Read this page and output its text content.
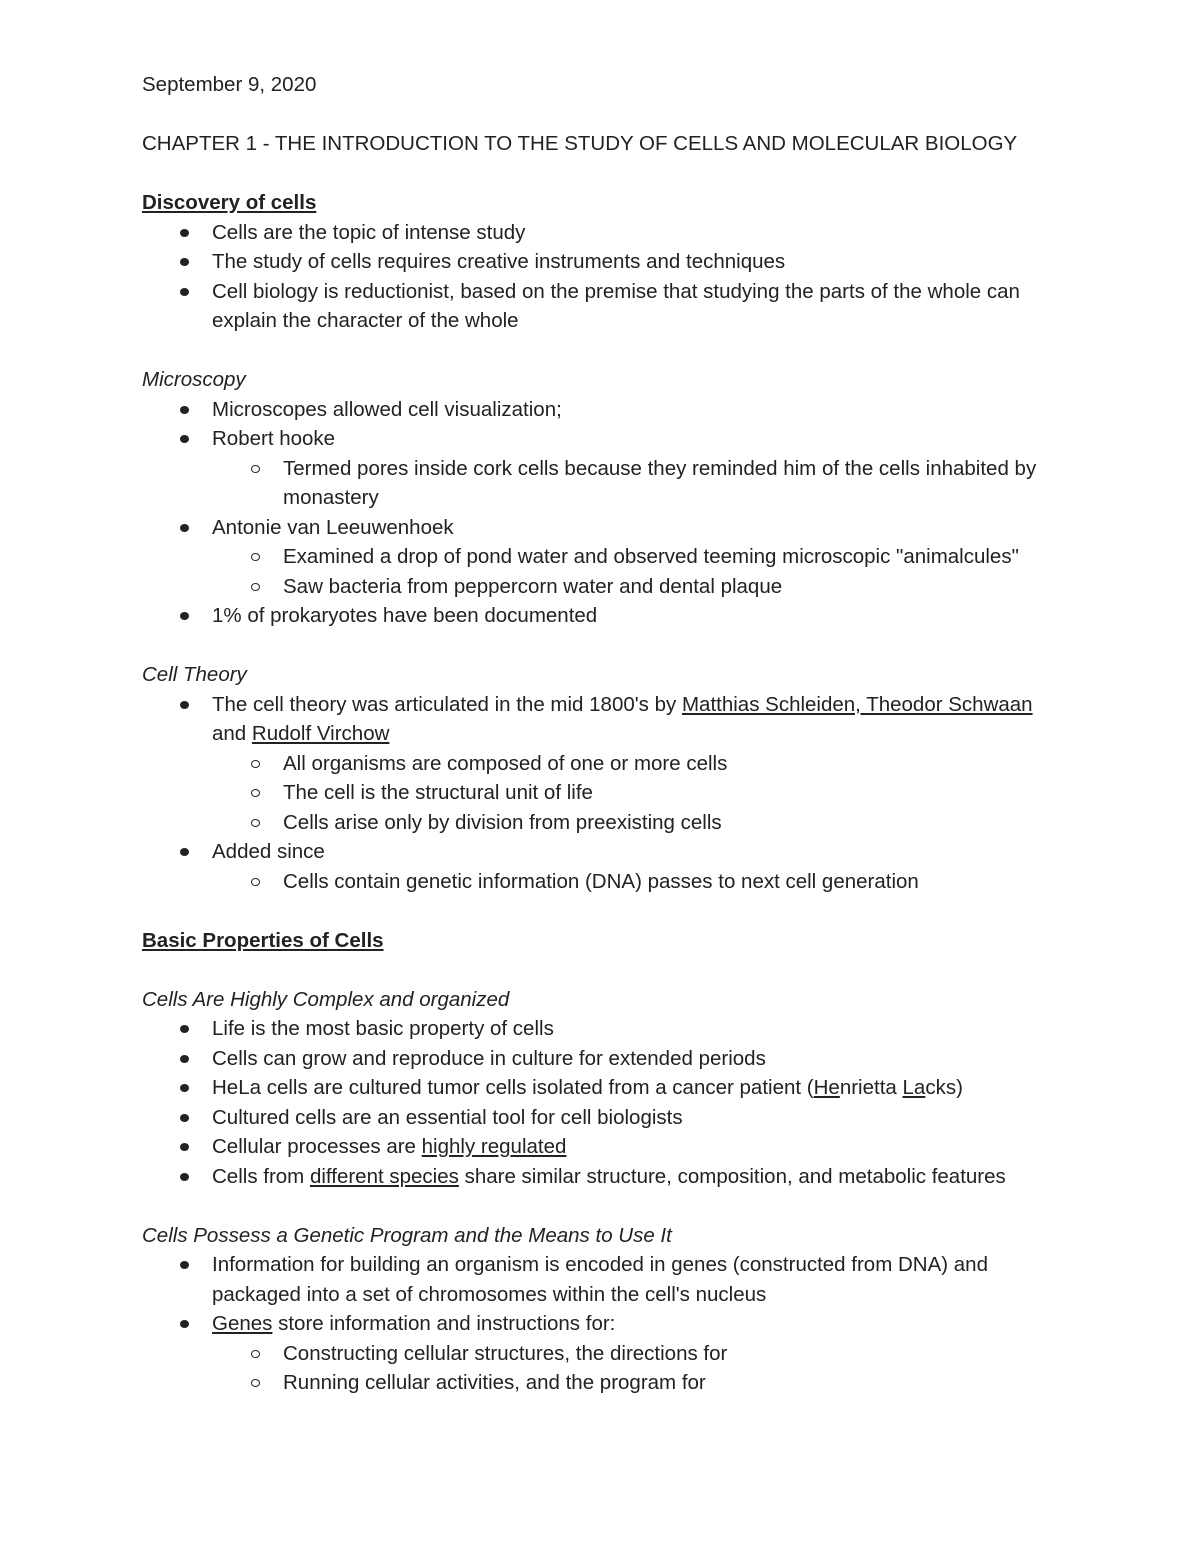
September 9, 2020

CHAPTER 1 - THE INTRODUCTION TO THE STUDY OF CELLS AND MOLECULAR BIOLOGY

Discovery of cells

Cells are the topic of intense study
The study of cells requires creative instruments and techniques
Cell biology is reductionist, based on the premise that studying the parts of the whole can explain the character of the whole

Microscopy

Microscopes allowed cell visualization;
Robert hooke
Termed pores inside cork cells because they reminded him of the cells inhabited by monastery
Antonie van Leeuwenhoek
Examined a drop of pond water and observed teeming microscopic "animalcules"
Saw bacteria from peppercorn water and dental plaque
1% of prokaryotes have been documented

Cell Theory

The cell theory was articulated in the mid 1800's by Matthias Schleiden, Theodor Schwaan and Rudolf Virchow
All organisms are composed of one or more cells
The cell is the structural unit of life
Cells arise only by division from preexisting cells
Added since
Cells contain genetic information (DNA) passes to next cell generation

Basic Properties of Cells

Cells Are Highly Complex and organized

Life is the most basic property of cells
Cells can grow and reproduce in culture for extended periods
HeLa cells are cultured tumor cells isolated from a cancer patient (Henrietta Lacks)
Cultured cells are an essential tool for cell biologists
Cellular processes are highly regulated
Cells from different species share similar structure, composition, and metabolic features

Cells Possess a Genetic Program and the Means to Use It

Information for building an organism is encoded in genes (constructed from DNA) and packaged into a set of chromosomes within the cell's nucleus
Genes store information and instructions for:
Constructing cellular structures, the directions for
Running cellular activities, and the program for
